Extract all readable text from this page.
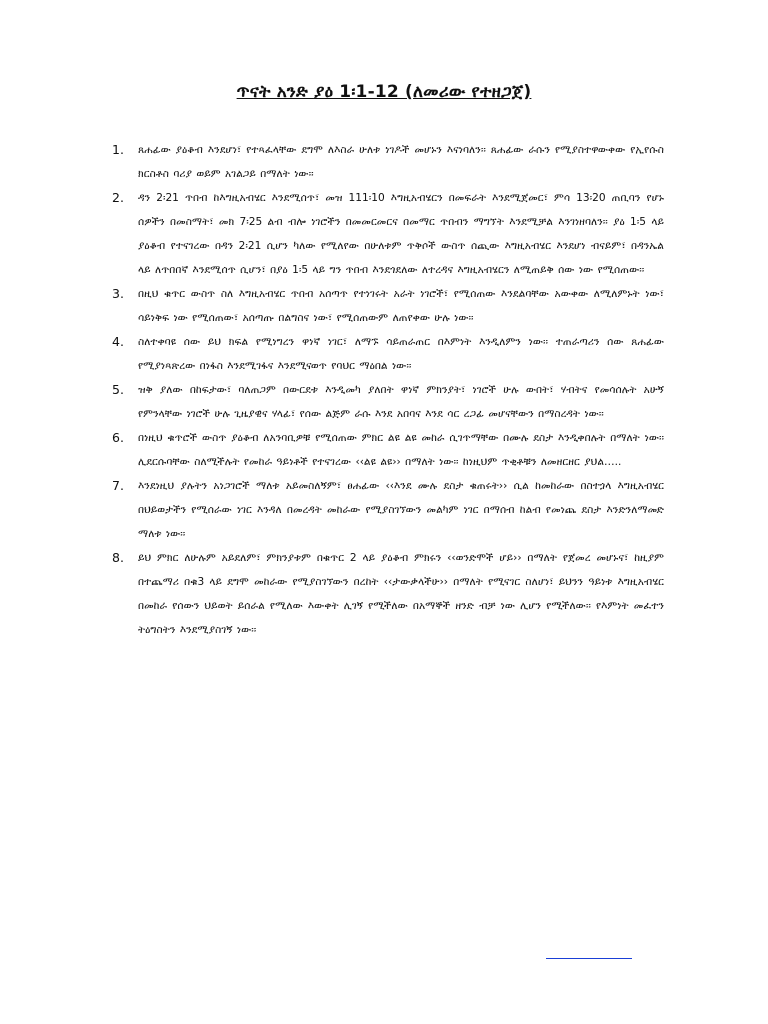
ጥናት አንድ ያዕ 1፡1-12 (ለመሪው የተዘጋጀ)
1. ጸሐፊው ያዕቆብ እንደሆነ፣ የተጻፈላቸው ደግሞ ለእስራ ሁለቱ ነገዶች መሆኑን እናነባለን፡፡ ጸሐፊው ራሱን የሚያስተዋውቀው የኢየሱስ ክርስቶስ ባሪያ ወይም አገልጋይ በማለት ነው፡፡
2. ዳን 2፡21 ጥበብ ከእግዚአብሄር እንደሚሰጥ፣ መዝ 111፡10 እግዚአብሄርን በመፍራት እንደሚጀመር፣ ምሳ 13፡20 ጠቢባን የሆኑ ሰዎችን በመስማት፣ መክ 7፡25 ልብ ብሎ ነገሮችን በመመርመርና በመማር ጥበብን ማግኘት እንደሚቻል እንገነዘባለን፡፡ ያዕ 1፡5 ላይ ያዕቆብ የተናገረው በዳን 2፡21 ሲሆን ካለው የሚለየው በሁለቱም ጥቅሶች ውስጥ ሰጪው እግዚአብሄር እንደሆነ ብናይም፣ በዳንኤል ላይ ለጥበበኛ እንደሚሰጥ ሲሆን፣ በያዕ 1፡5 ላይ ግን ጥበብ እንደጎደለው ለተረዳና እግዚአብሄርን ለሚጠይቅ ሰው ነው የሚሰጠው፡፡
3. በዚህ ቁጥር ውስጥ ስለ እግዚአብሄር ጥበብ አሰጣጥ የተነገሩት አራት ነገሮች፣ የሚሰጠው እንደልባቸው አውቀው ለሚለምኑት ነው፣ ሳይነቅፍ ነው የሚሰጠው፣ አሰጣጡ በልግስና ነው፣ የሚሰጠውም ለጠየቀው ሁሉ ነው፡፡
4. ስለተቀባዩ ሰው ይህ ክፍል የሚነግረን ዋነኛ ነገር፣ ለማኙ ሳይጠራጠር በእምነት እንዲለምን ነው፡፡ ተጠራጣሪን ሰው ጸሐፊው የሚያነጻጽረው በነፋስ እንደሚገፋና እንደሚናወጥ የባህር ማዕበል ነው፡፡
5. ዝቅ ያለው በከፍታው፣ ባለጠጋም በውርደቱ እንዲመካ ያለበት ዋነኛ ምክንያት፣ ነገሮች ሁሉ ውበት፣ ሃብትና የመሳሰሉት አሁኝ የምንላቸው ነገሮች ሁሉ ጊዜያዊና ሃላፊ፣ የሰው ልጅም ራሱ እንደ አበባና እንደ ሳር ረጋፊ መሆናቸውን በማስረዳት ነው፡፡
6. በነዚህ ቁጥሮች ውስጥ ያዕቆብ ለአንባቢዎቹ የሚሰጠው ምክር ልዩ ልዩ መከራ ሲገጥማቸው በሙሉ ደስታ እንዲቀበሉት በማለት ነው፡፡ ሊደርሱባቸው ስለሚችሉት የመከራ ዓይነቶች የተናገረው ‹‹ልዩ ልዩ›› በማለት ነው፡፡ ከነዚህም ጥቂቶቹን ለመዘርዘር ያህል…..
7. እንደነዚህ ያሉትን አነጋገሮች ማለቱ አይመስለኝም፣ ፀሐፊው ‹‹እንደ ሙሉ ደስታ ቁጠሩት›› ሲል ከመከራው በስተጏላ እግዚአብሄር በህይወታችን የሚሰራው ነገር እንዳለ በመረዳት መከራው የሚያስገኘውን መልካም ነገር በማሰብ ከልብ የመነጨ ደስታ እንድንለማመድ ማለቱ ነው፡፡
8. ይህ ምክር ለሁሉም አይደለም፣ ምክንያቱም በቁጥር 2 ላይ ያዕቆብ ምክሩን ‹‹ወንድሞች ሆይ›› በማለት የጀመረ መሆኑና፣ ከዚያም በተጨማሪ በቁ3 ላይ ደግሞ መከራው የሚያስገኘውን በረከት ‹‹ታውቃላችሁ›› በማለት የሚናገር ስለሆነ፣ ይህንን ዓይነቱ እግዚአብሄር በመከራ የሰውን ህይወት ይሰራል የሚለው እውቀት ሊገኝ የሚችለው በአማኞች ዘንድ ብቻ ነው ሊሆን የሚችለው፡፡ የእምነት መፈተን ትዕግስትን እንደሚያስገኝ ነው፡፡
